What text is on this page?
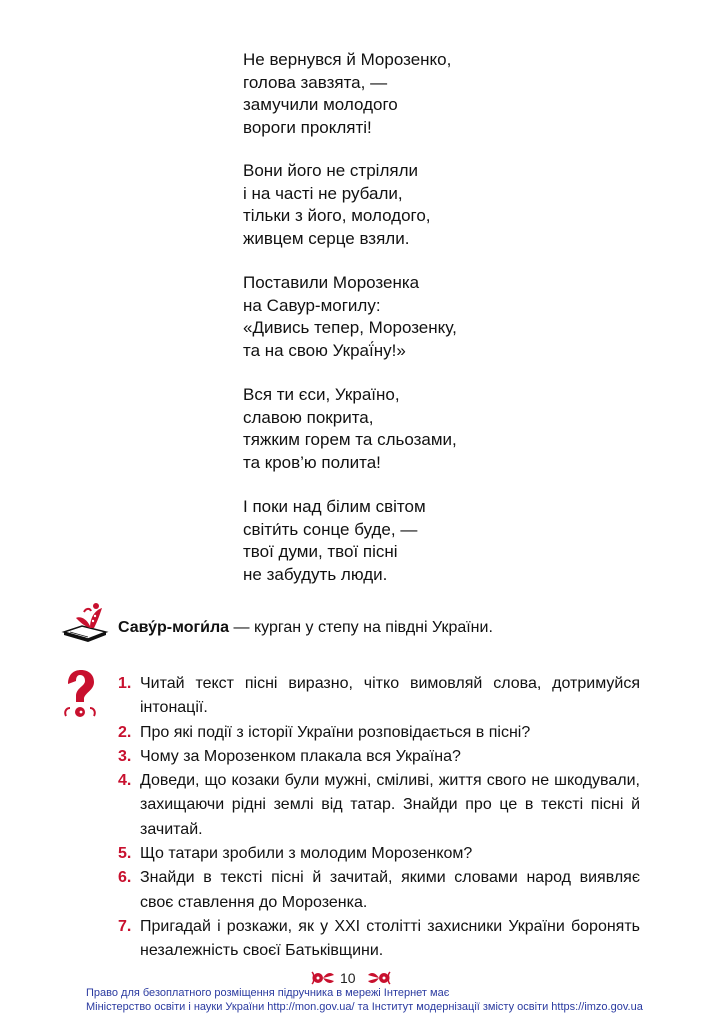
Не вернувся й Морозенко,
голова завзята, —
замучили молодого
вороги прокляті!
Вони його не стріляли
і на часті не рубали,
тільки з його, молодого,
живцем серце взяли.
Поставили Морозенка
на Савур-могилу:
«Дивись тепер, Морозенку,
та на свою Украї́ну!»
Вся ти єси, Україно,
славою покрита,
тяжким горем та сльозами,
та кров’ю полита!
І поки над білим світом
світи́ть сонце буде, —
твої думи, твої пісні
не забудуть люди.
Саву́р-моги́ла — курган у степу на півдні України.
1. Читай текст пісні виразно, чітко вимовляй слова, дотримуйся інтонації.
2. Про які події з історії України розповідається в пісні?
3. Чому за Морозенком плакала вся Україна?
4. Доведи, що козаки були мужні, сміливі, життя свого не шкодували, захищаючи рідні землі від татар. Знайди про це в тексті пісні й зачитай.
5. Що татари зробили з молодим Морозенком?
6. Знайди в тексті пісні й зачитай, якими словами народ виявляє своє ставлення до Морозенка.
7. Пригадай і розкажи, як у ХХІ столітті захисники України боронять незалежність своєї Батьківщини.
10
Право для безоплатного розміщення підручника в мережі Інтернет має
Міністерство освіти і науки України http://mon.gov.ua/ та Інститут модернізації змісту освіти https://imzo.gov.ua
